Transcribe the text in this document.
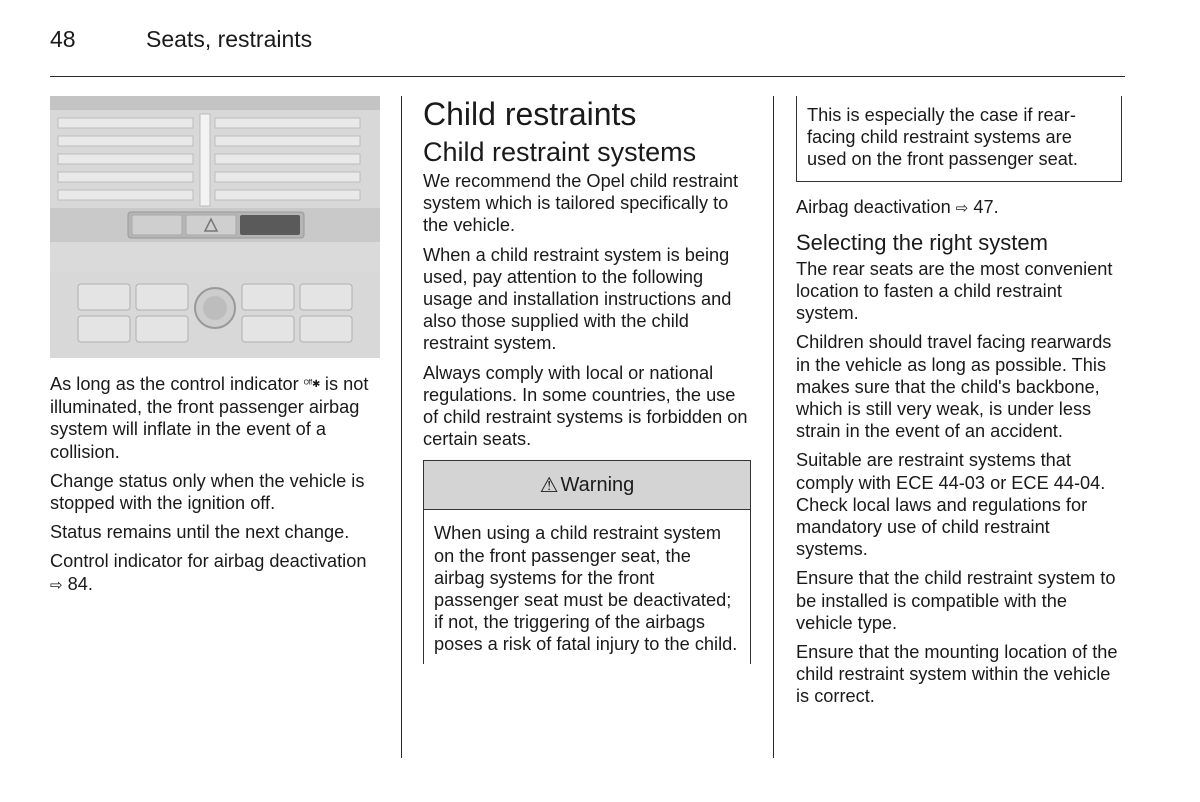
48	Seats, restraints

As long as the control indicator ᴼᶠᶠ✱ is not illuminated, the front passenger airbag system will inflate in the event of a collision.

Change status only when the vehicle is stopped with the ignition off.

Status remains until the next change.

Control indicator for airbag deactivation ⇨ 84.

Child restraints
Child restraint systems

We recommend the Opel child restraint system which is tailored specifically to the vehicle.

When a child restraint system is being used, pay attention to the following usage and installation instructions and also those supplied with the child restraint system.

Always comply with local or national regulations. In some countries, the use of child restraint systems is forbidden on certain seats.

⚠ Warning

When using a child restraint system on the front passenger seat, the airbag systems for the front passenger seat must be deactivated; if not, the triggering of the airbags poses a risk of fatal injury to the child.

This is especially the case if rear-facing child restraint systems are used on the front passenger seat.

Airbag deactivation ⇨ 47.

Selecting the right system

The rear seats are the most convenient location to fasten a child restraint system.

Children should travel facing rearwards in the vehicle as long as possible. This makes sure that the child's backbone, which is still very weak, is under less strain in the event of an accident.

Suitable are restraint systems that comply with ECE 44-03 or ECE 44-04. Check local laws and regulations for mandatory use of child restraint systems.

Ensure that the child restraint system to be installed is compatible with the vehicle type.

Ensure that the mounting location of the child restraint system within the vehicle is correct.
